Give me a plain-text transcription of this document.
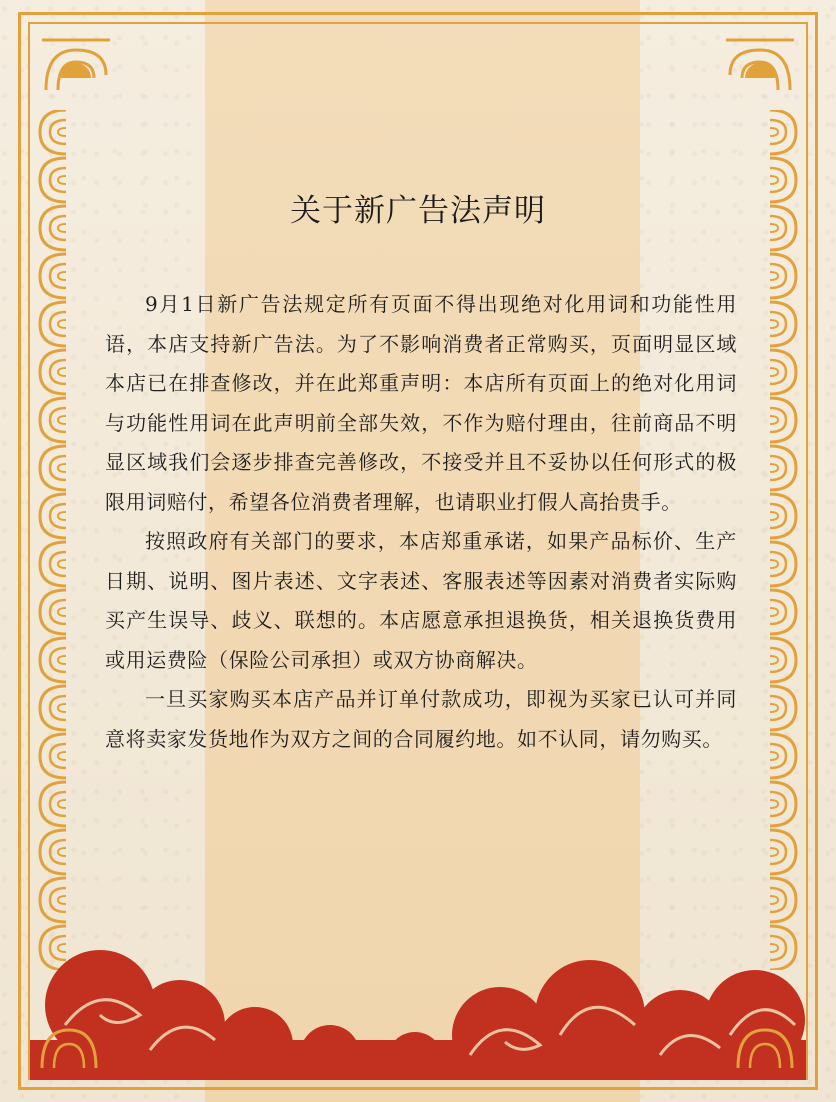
关于新广告法声明

9月1日新广告法规定所有页面不得出现绝对化用词和功能性用语，本店支持新广告法。为了不影响消费者正常购买，页面明显区域本店已在排查修改，并在此郑重声明：本店所有页面上的绝对化用词与功能性用词在此声明前全部失效，不作为赔付理由，往前商品不明显区域我们会逐步排查完善修改，不接受并且不妥协以任何形式的极限用词赔付，希望各位消费者理解，也请职业打假人高抬贵手。

按照政府有关部门的要求，本店郑重承诺，如果产品标价、生产日期、说明、图片表述、文字表述、客服表述等因素对消费者实际购买产生误导、歧义、联想的。本店愿意承担退换货，相关退换货费用或用运费险（保险公司承担）或双方协商解决。

一旦买家购买本店产品并订单付款成功，即视为买家已认可并同意将卖家发货地作为双方之间的合同履约地。如不认同，请勿购买。
